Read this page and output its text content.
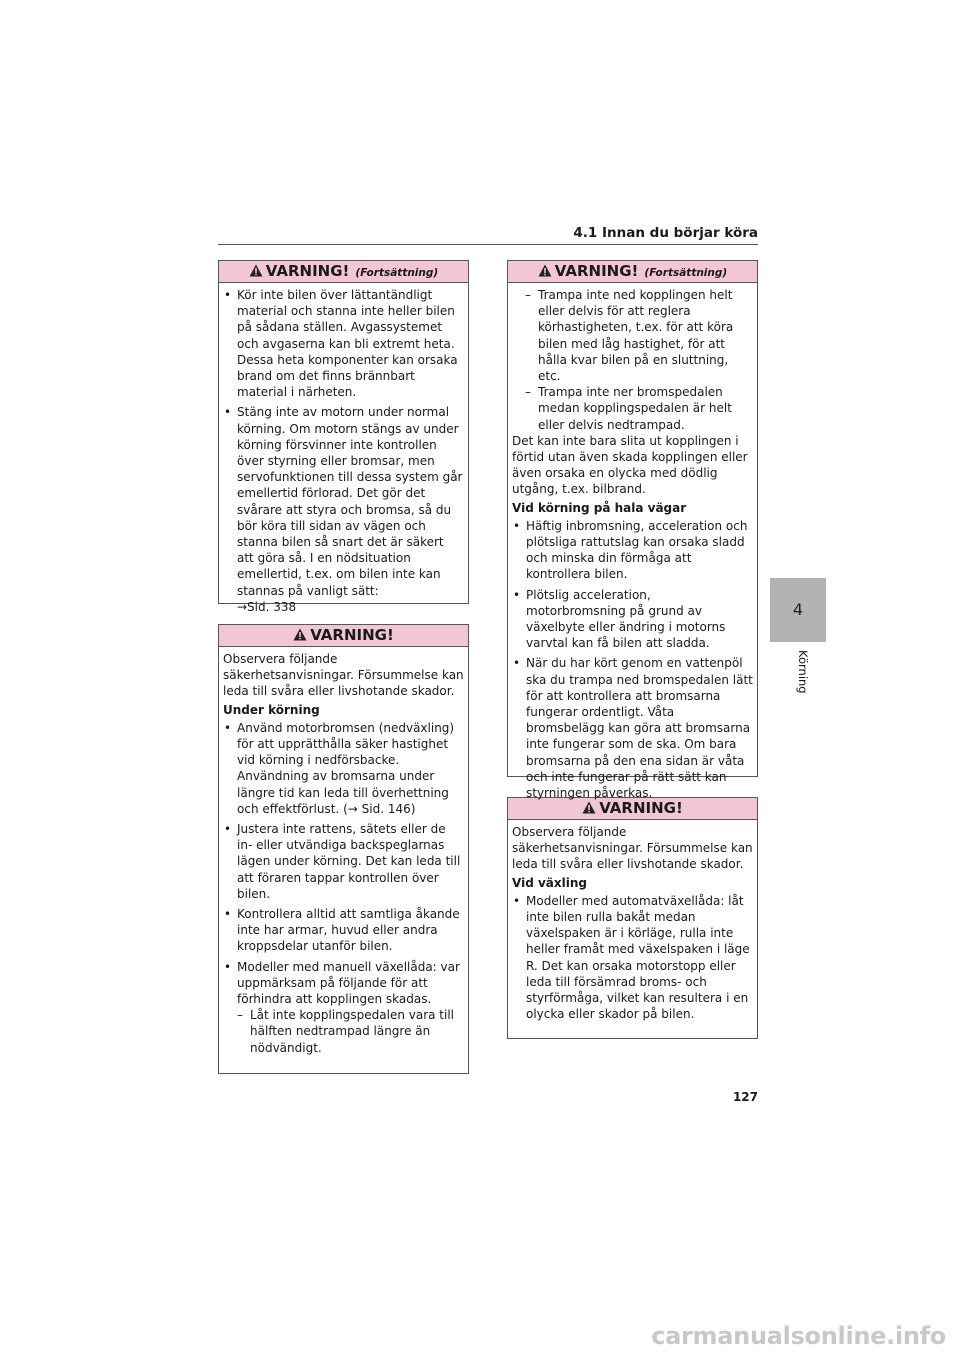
4.1 Innan du börjar köra
VARNING! (Fortsättning)
• Kör inte bilen över lättantändligt material och stanna inte heller bilen på sådana ställen. Avgassystemet och avgaserna kan bli extremt heta. Dessa heta komponenter kan orsaka brand om det finns brännbart material i närheten.
• Stäng inte av motorn under normal körning. Om motorn stängs av under körning försvinner inte kontrollen över styrning eller bromsar, men servofunktionen till dessa system går emellertid förlorad. Det gör det svårare att styra och bromsa, så du bör köra till sidan av vägen och stanna bilen så snart det är säkert att göra så. I en nödsituation emellertid, t.ex. om bilen inte kan stannas på vanligt sätt:
→Sid. 338
VARNING!

Observera följande säkerhetsanvisningar. Försummelse kan leda till svåra eller livshotande skador.

Under körning

• Använd motorbromsen (nedväxling) för att upprätthålla säker hastighet vid körning i nedförsbacke. Användning av bromsarna under längre tid kan leda till överhettning och effektförlust. (→ Sid. 146)
• Justera inte rattens, sätets eller de in- eller utvändiga backspeglarnas lägen under körning. Det kan leda till att föraren tappar kontrollen över bilen.
• Kontrollera alltid att samtliga åkande inte har armar, huvud eller andra kroppsdelar utanför bilen.
• Modeller med manuell växellåda: var uppmärksam på följande för att förhindra att kopplingen skadas.
– Låt inte kopplingspedalen vara till hälften nedtrampad längre än nödvändigt.
VARNING! (Fortsättning)
– Trampa inte ned kopplingen helt eller delvis för att reglera körhastigheten, t.ex. för att köra bilen med låg hastighet, för att hålla kvar bilen på en sluttning, etc.
– Trampa inte ner bromspedalen medan kopplingspedalen är helt eller delvis nedtrampad.

Det kan inte bara slita ut kopplingen i förtid utan även skada kopplingen eller även orsaka en olycka med dödlig utgång, t.ex. bilbrand.

Vid körning på hala vägar

• Häftig inbromsning, acceleration och plötsliga rattutslag kan orsaka sladd och minska din förmåga att kontrollera bilen.
• Plötslig acceleration, motorbromsning på grund av växelbyte eller ändring i motorns varvtal kan få bilen att sladda.
• När du har kört genom en vattenpöl ska du trampa ned bromspedalen lätt för att kontrollera att bromsarna fungerar ordentligt. Våta bromsbelägg kan göra att bromsarna inte fungerar som de ska. Om bara bromsarna på den ena sidan är våta och inte fungerar på rätt sätt kan styrningen påverkas.
VARNING!

Observera följande säkerhetsanvisningar. Försummelse kan leda till svåra eller livshotande skador.

Vid växling

• Modeller med automatväxellåda: låt inte bilen rulla bakåt medan växelspaken är i körläge, rulla inte heller framåt med växelspaken i läge R. Det kan orsaka motorstopp eller leda till försämrad broms- och styrförmåga, vilket kan resultera i en olycka eller skador på bilen.
4
Körning
127
carmanualsonline.info
